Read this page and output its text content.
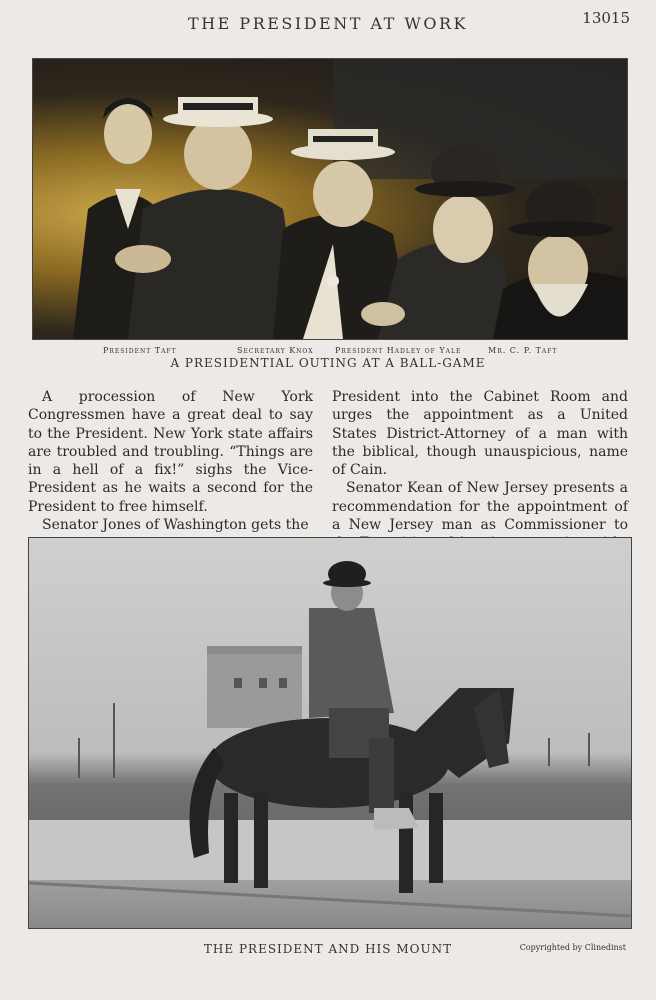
THE PRESIDENT AT WORK	13015
President Taft	Secretary Knox	President Hadley of Yale	Mr. C. P. Taft
A PRESIDENTIAL OUTING AT A BALL-GAME

A procession of New York Congressmen have a great deal to say to the President. New York state affairs are troubled and troubling. “Things are in a hell of a fix!” sighs the Vice-President as he waits a second for the President to free himself.

Senator Jones of Washington gets the

President into the Cabinet Room and urges the appointment as a United States District-Attorney of a man with the biblical, though unauspicious, name of Cain.

Senator Kean of New Jersey presents a recommendation for the appointment of a New Jersey man as Commissioner to

THE PRESIDENT AND HIS MOUNT	Copyrighted by Clinedinst
